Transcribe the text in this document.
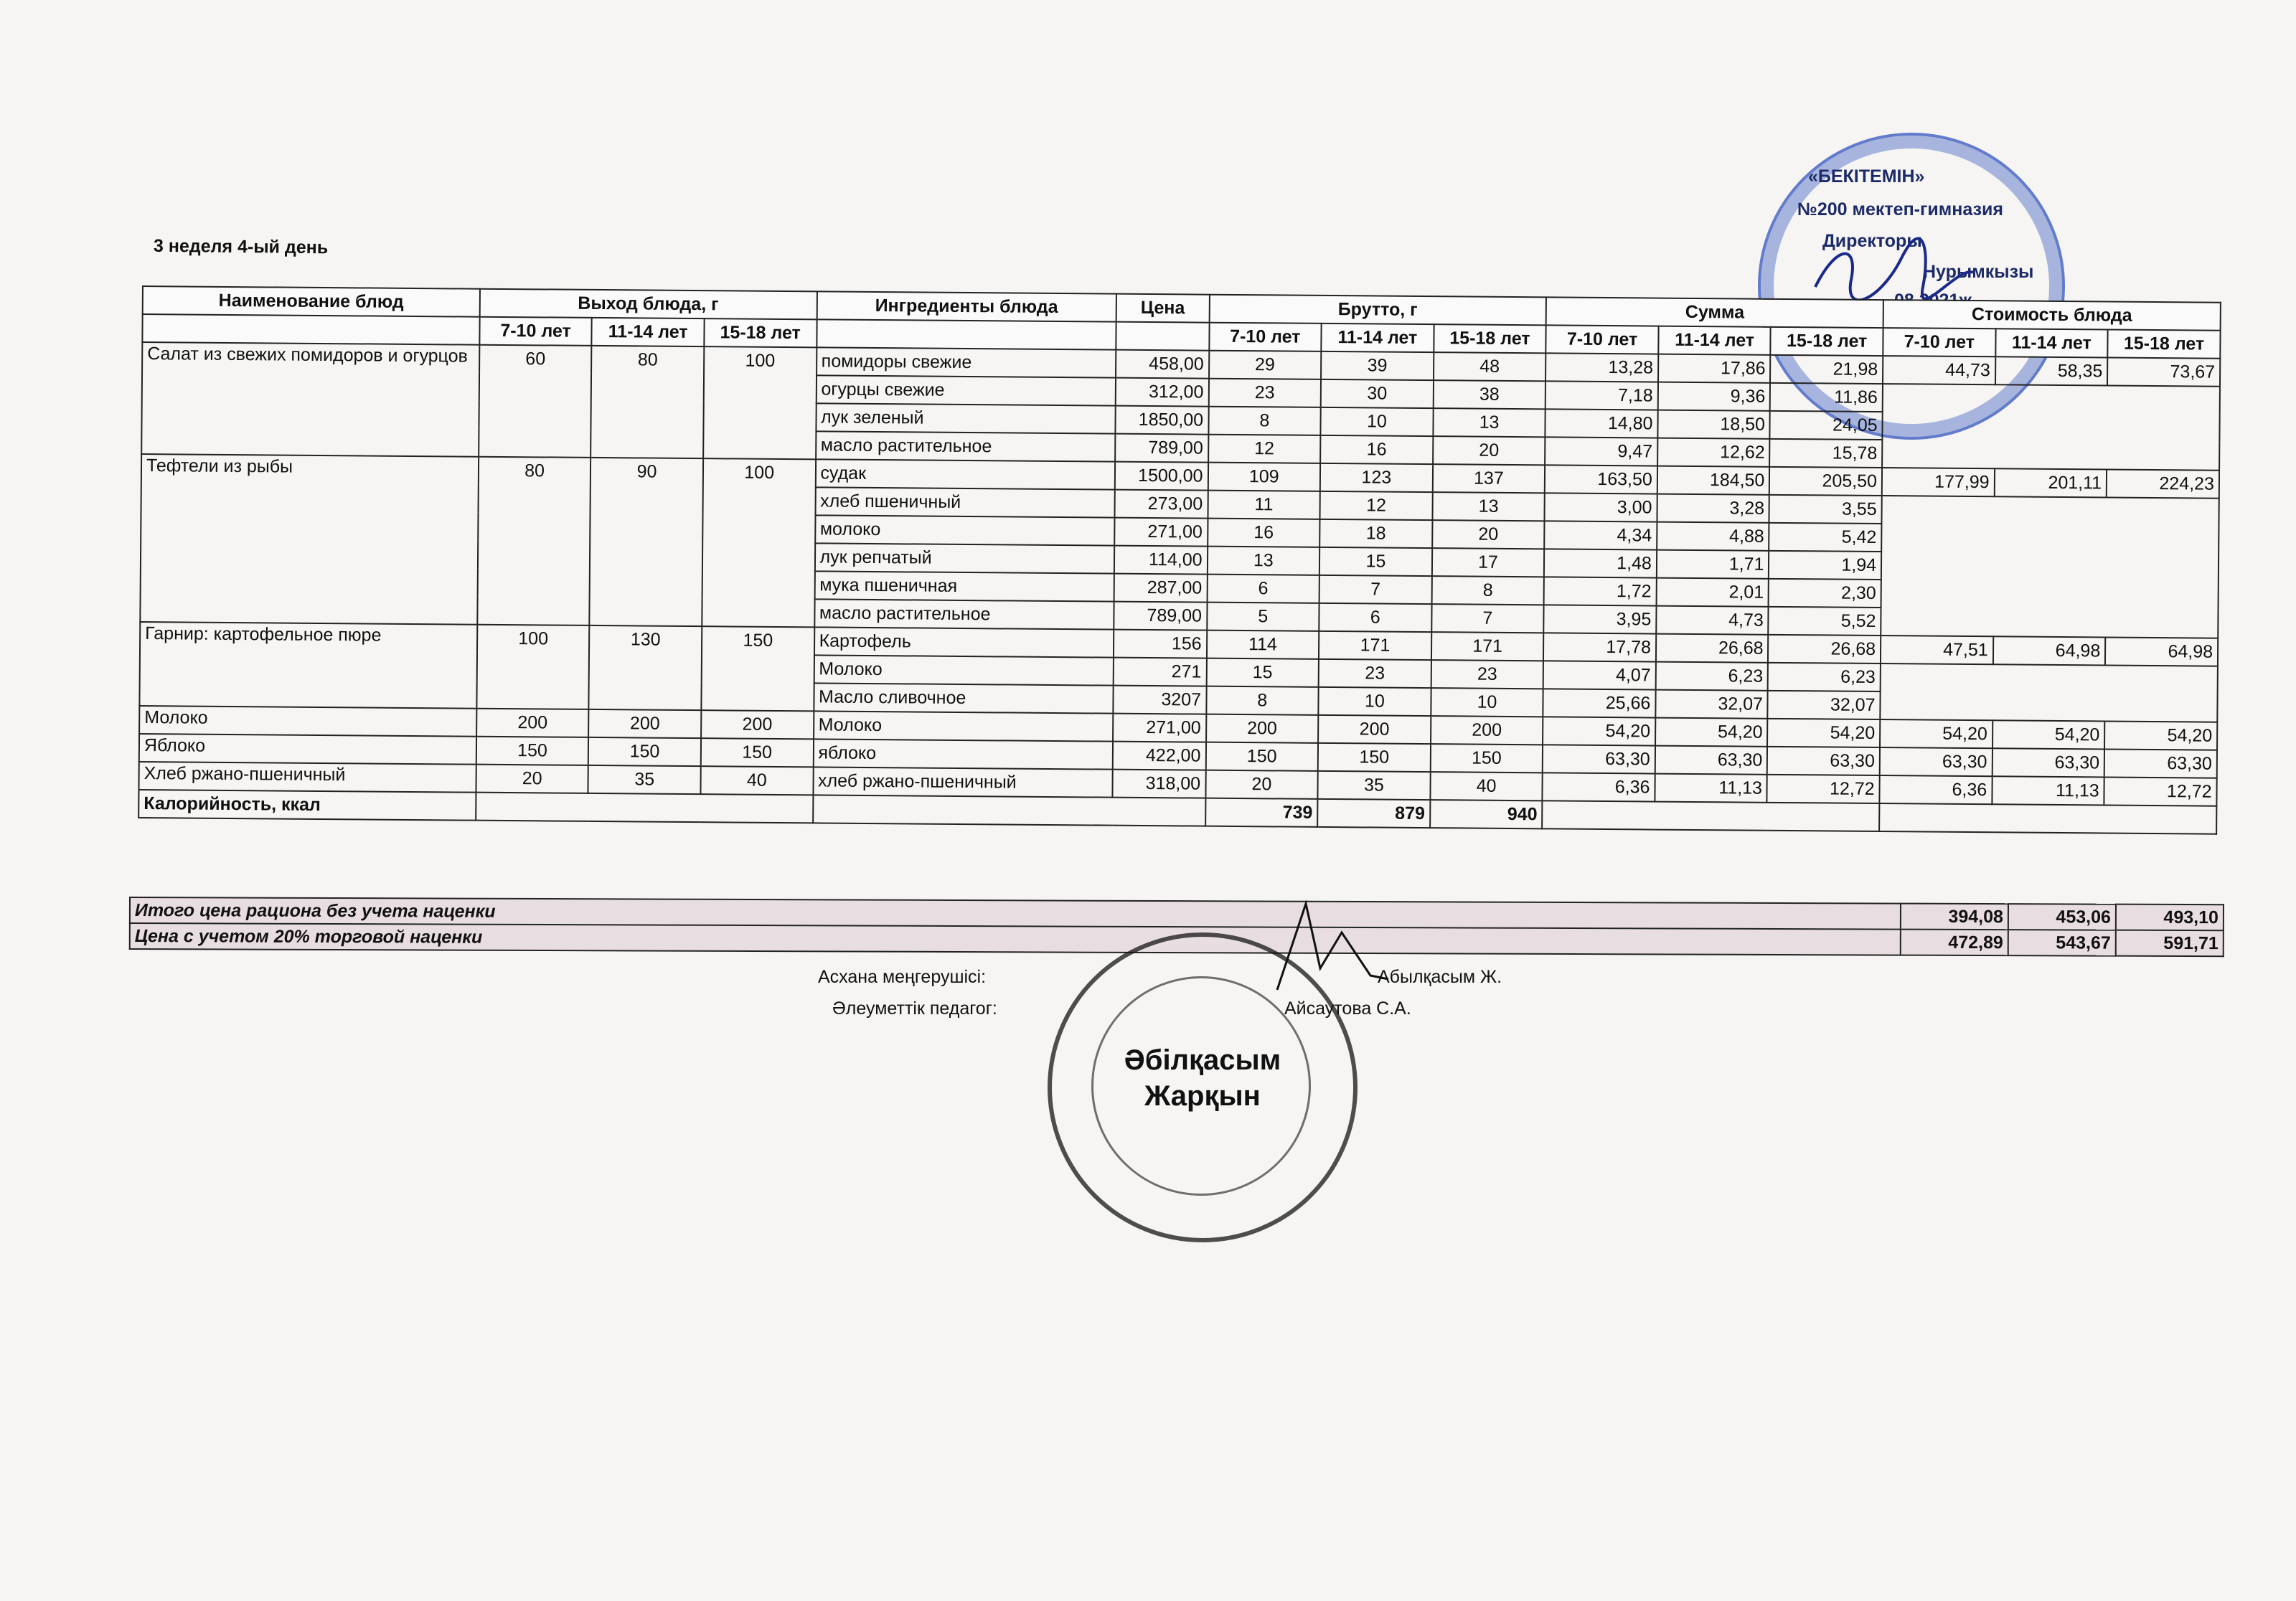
3 неделя 4-ый день
«БЕКІТЕМІН»
№200 мектеп-гимназия
Директоры
Нурымкызы
Наименование блюд	Выход блюда, г			Ингредиенты блюда	Цена	Брутто, г			Сумма			Стоимость блюда		
	7-10 лет	11-14 лет	15-18 лет			7-10 лет	11-14 лет	15-18 лет	7-10 лет	11-14 лет	15-18 лет	7-10 лет	11-14 лет	15-18 лет
Салат из свежих помидоров и огурцов	60	80	100	помидоры свежие	458,00	29	39	48	13,28	17,86	21,98	44,73	58,35	73,67
				огурцы свежие	312,00	23	30	38	7,18	9,36	11,86			
				лук зеленый	1850,00	8	10	13	14,80	18,50	24,05			
				масло растительное	789,00	12	16	20	9,47	12,62	15,78			
Тефтели из рыбы	80	90	100	судак	1500,00	109	123	137	163,50	184,50	205,50	177,99	201,11	224,23
				хлеб пшеничный	273,00	11	12	13	3,00	3,28	3,55			
				молоко	271,00	16	18	20	4,34	4,88	5,42			
				лук репчатый	114,00	13	15	17	1,48	1,71	1,94			
				мука пшеничная	287,00	6	7	8	1,72	2,01	2,30			
				масло растительное	789,00	5	6	7	3,95	4,73	5,52			
Гарнир: картофельное пюре	100	130	150	Картофель	156	114	171	171	17,78	26,68	26,68	47,51	64,98	64,98
				Молоко	271	15	23	23	4,07	6,23	6,23			
				Масло сливочное	3207	8	10	10	25,66	32,07	32,07			
Молоко	200	200	200	Молоко	271,00	200	200	200	54,20	54,20	54,20	54,20	54,20	54,20
Яблоко	150	150	150	яблоко	422,00	150	150	150	63,30	63,30	63,30	63,30	63,30	63,30
Хлеб ржано-пшеничный	20	35	40	хлеб ржано-пшеничный	318,00	20	35	40	6,36	11,13	12,72	6,36	11,13	12,72
Калорийность, ккал						739	879	940						
Итого цена рациона без учета наценки	394,08	453,06	493,10
Цена с учетом 20% торговой наценки	472,89	543,67	591,71
Асхана меңгерушісі:	Абылқасым Ж.
Әлеуметтік педагог:	Айсаутова С.А.
Әбілқасым
Жарқын
